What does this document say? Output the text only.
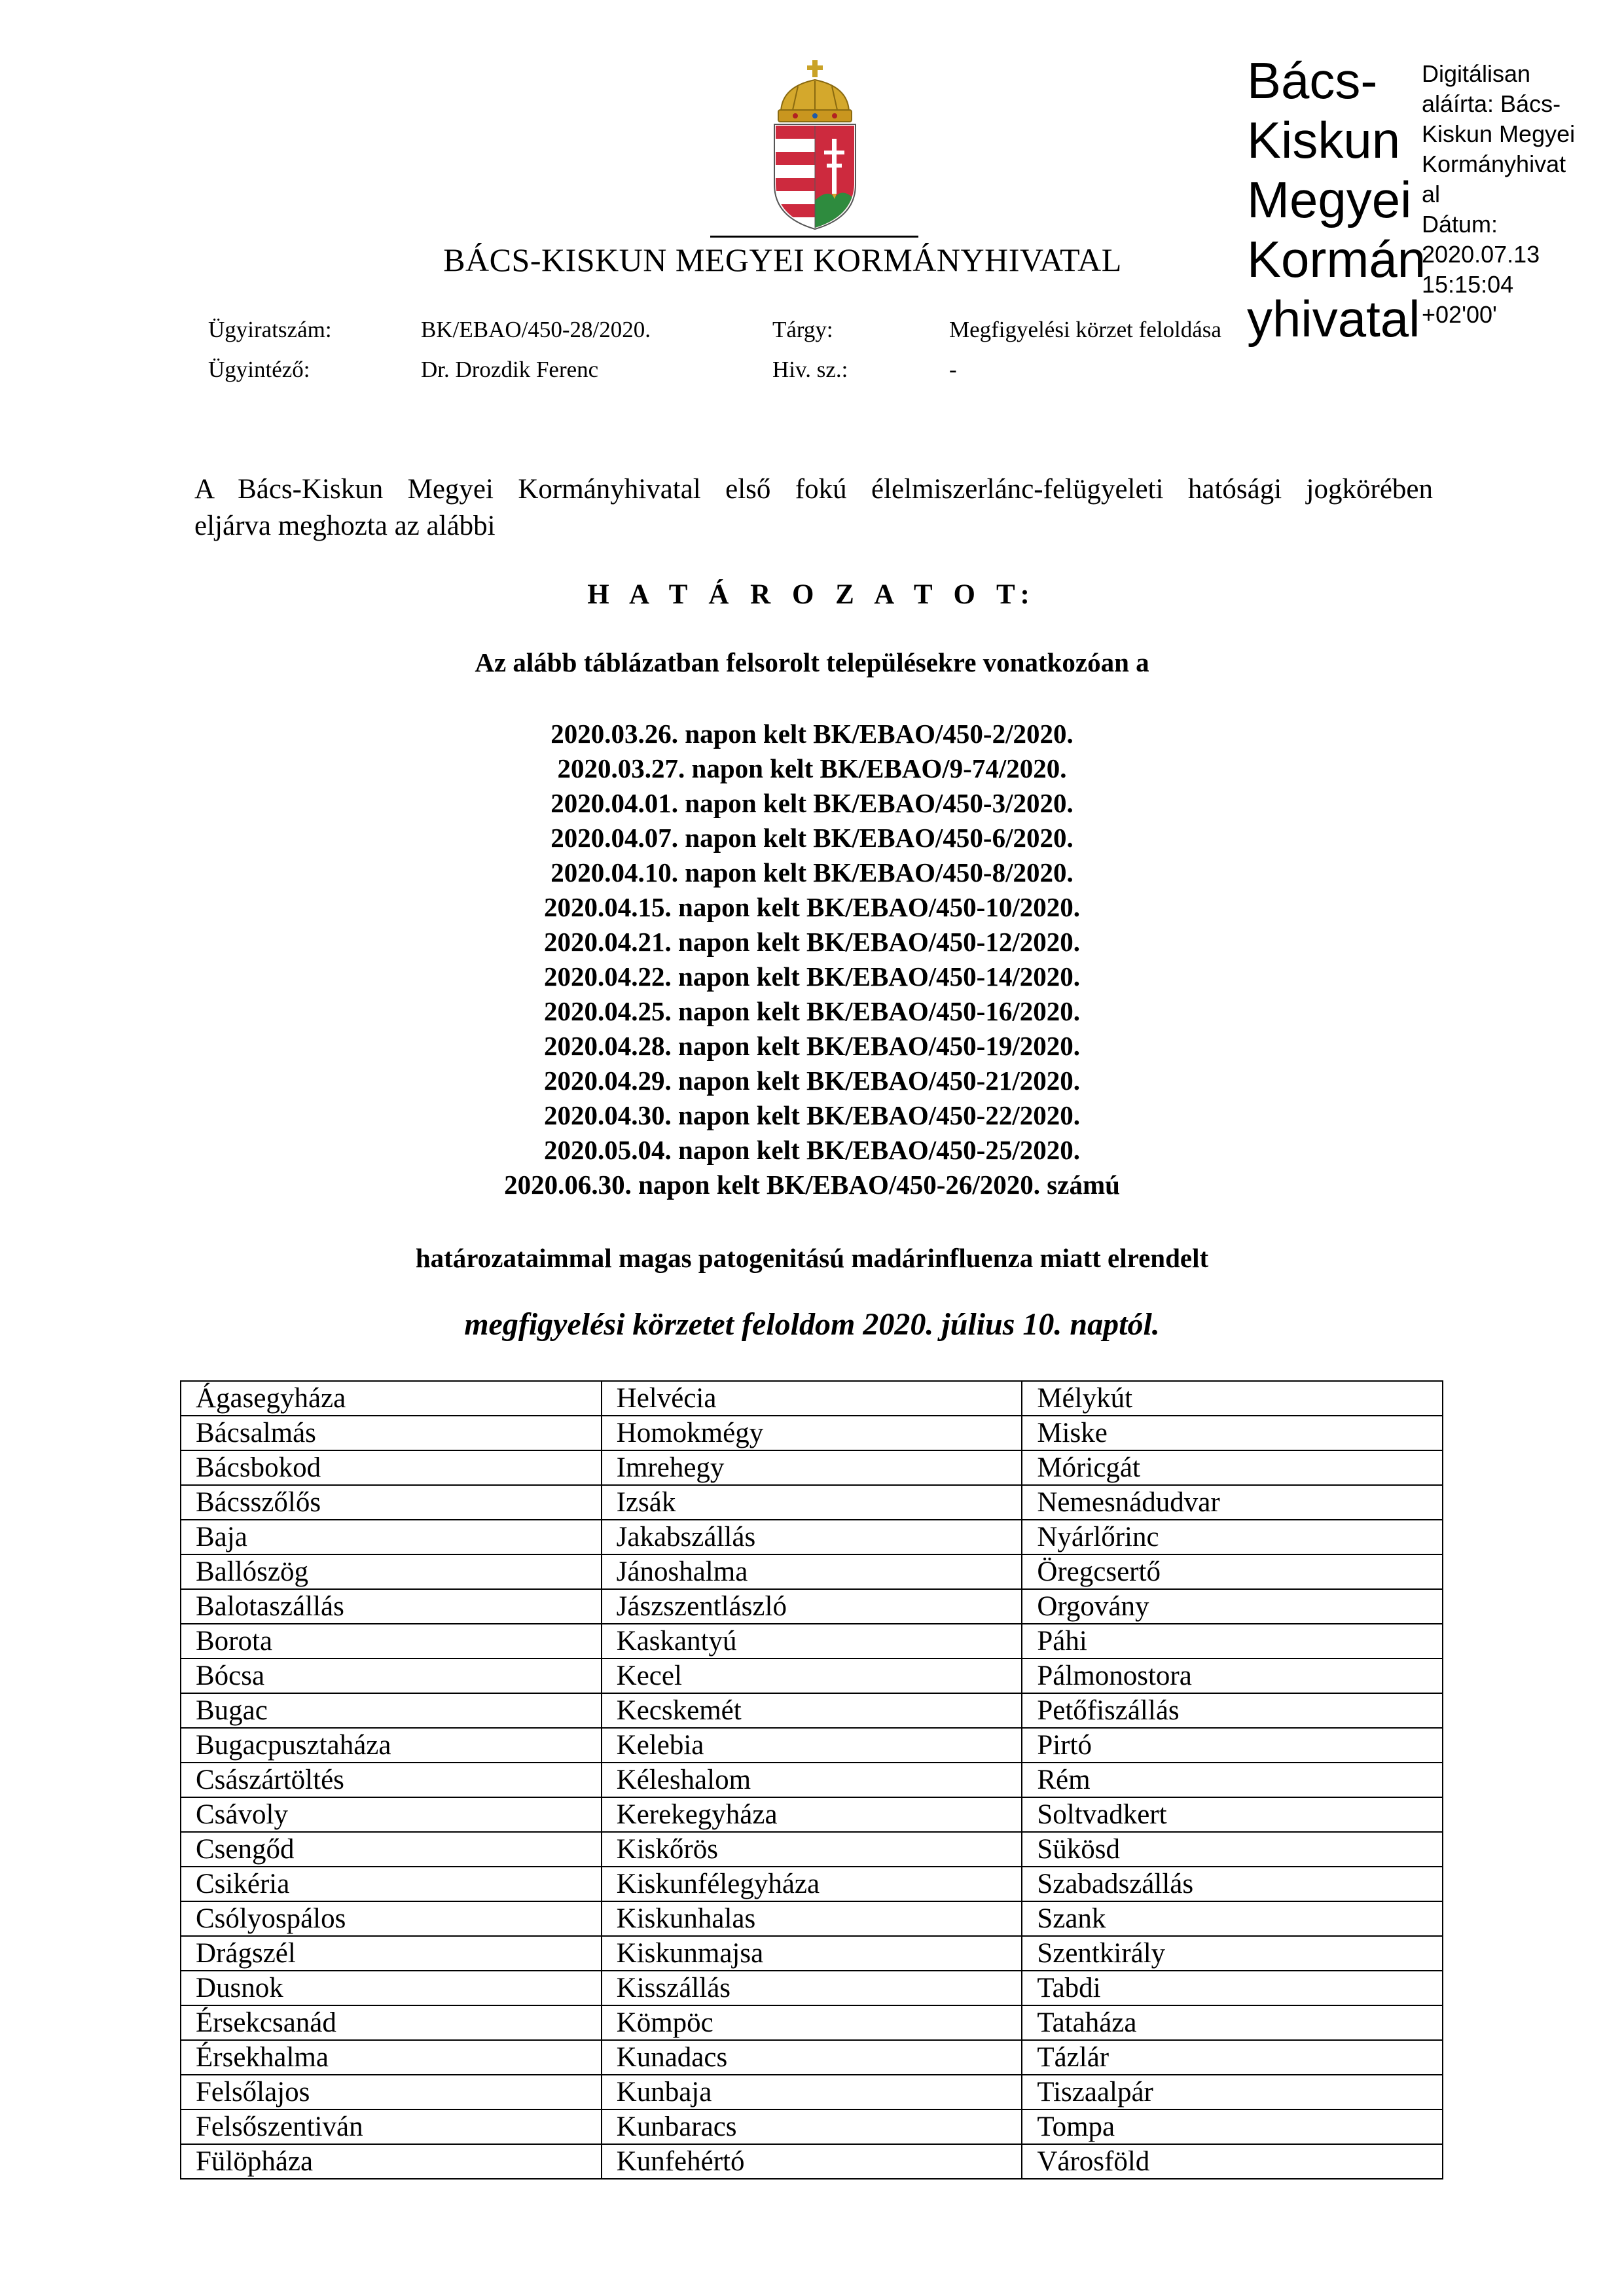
BÁCS-KISKUN MEGYEI KORMÁNYHIVATAL
Bács-
Kiskun
Megyei
Kormán
yhivatal
Digitálisan
aláírta: Bács-
Kiskun Megyei
Kormányhivat
al
Dátum:
2020.07.13
15:15:04
+02'00'
Ügyiratszám:	BK/EBAO/450-28/2020.	Tárgy:	Megfigyelési körzet feloldása
Ügyintéző:	Dr. Drozdik Ferenc	Hiv. sz.:	-
A Bács-Kiskun Megyei Kormányhivatal első fokú élelmiszerlánc-felügyeleti hatósági jogkörében
eljárva meghozta az alábbi
H A T Á R O Z A T O T:
Az alább táblázatban felsorolt településekre vonatkozóan a
2020.03.26. napon kelt BK/EBAO/450-2/2020.
2020.03.27. napon kelt BK/EBAO/9-74/2020.
2020.04.01. napon kelt BK/EBAO/450-3/2020.
2020.04.07. napon kelt BK/EBAO/450-6/2020.
2020.04.10. napon kelt BK/EBAO/450-8/2020.
2020.04.15. napon kelt BK/EBAO/450-10/2020.
2020.04.21. napon kelt BK/EBAO/450-12/2020.
2020.04.22. napon kelt BK/EBAO/450-14/2020.
2020.04.25. napon kelt BK/EBAO/450-16/2020.
2020.04.28. napon kelt BK/EBAO/450-19/2020.
2020.04.29. napon kelt BK/EBAO/450-21/2020.
2020.04.30. napon kelt BK/EBAO/450-22/2020.
2020.05.04. napon kelt BK/EBAO/450-25/2020.
2020.06.30. napon kelt BK/EBAO/450-26/2020. számú
határozataimmal magas patogenitású madárinfluenza miatt elrendelt
megfigyelési körzetet feloldom 2020. július 10. naptól.
Ágasegyháza	Helvécia	Mélykút
Bácsalmás	Homokmégy	Miske
Bácsbokod	Imrehegy	Móricgát
Bácsszőlős	Izsák	Nemesnádudvar
Baja	Jakabszállás	Nyárlőrinc
Ballószög	Jánoshalma	Öregcsertő
Balotaszállás	Jászszentlászló	Orgovány
Borota	Kaskantyú	Páhi
Bócsa	Kecel	Pálmonostora
Bugac	Kecskemét	Petőfiszállás
Bugacpusztaháza	Kelebia	Pirtó
Császártöltés	Kéleshalom	Rém
Csávoly	Kerekegyháza	Soltvadkert
Csengőd	Kiskőrös	Sükösd
Csikéria	Kiskunfélegyháza	Szabadszállás
Csólyospálos	Kiskunhalas	Szank
Drágszél	Kiskunmajsa	Szentkirály
Dusnok	Kisszállás	Tabdi
Érsekcsanád	Kömpöc	Tataháza
Érsekhalma	Kunadacs	Tázlár
Felsőlajos	Kunbaja	Tiszaalpár
Felsőszentiván	Kunbaracs	Tompa
Fülöpháza	Kunfehértó	Városföld
